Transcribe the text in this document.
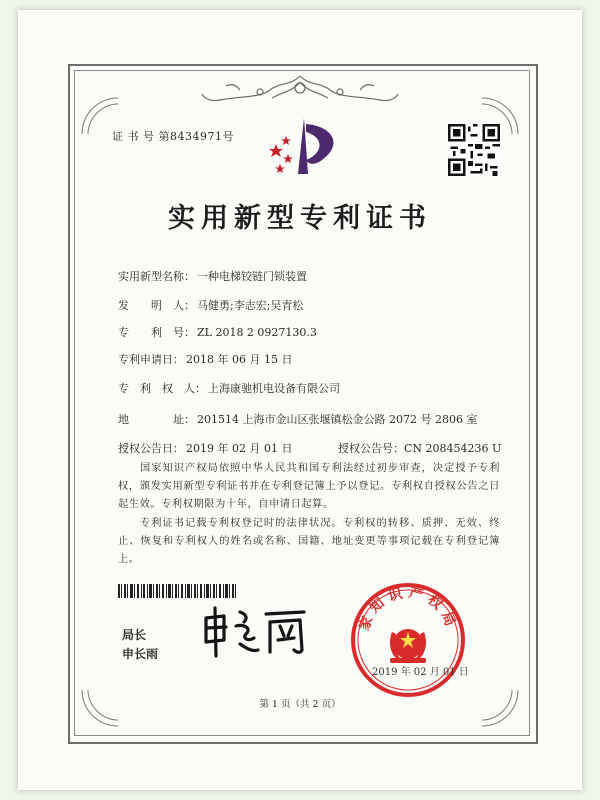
证 书 号 第8434971号
实用新型专利证书
实用新型名称： 一种电梯铰链门锁装置
发　　明　人： 马健勇;李志宏;吴青松
专　　利　号： ZL 2018 2 0927130.3
专利申请日： 2018 年 06 月 15 日
专　利　权　人： 上海康驰机电设备有限公司
地　　　　址： 201514 上海市金山区张堰镇松金公路 2072 号 2806 室
授权公告日： 2019 年 02 月 01 日	授权公告号：CN 208454236 U
国家知识产权局依照中华人民共和国专利法经过初步审查，决定授予专利权，颁发实用新型专利证书并在专利登记簿上予以登记。专利权自授权公告之日起生效。专利权期限为十年，自申请日起算。
专利证书记载专利权登记时的法律状况。专利权的转移、质押、无效、终止、恢复和专利权人的姓名或名称、国籍、地址变更等事项记载在专利登记簿上。
局长
申长雨
家知识产权局
2019 年 02 月 01 日
第 1 页（共 2 页）
